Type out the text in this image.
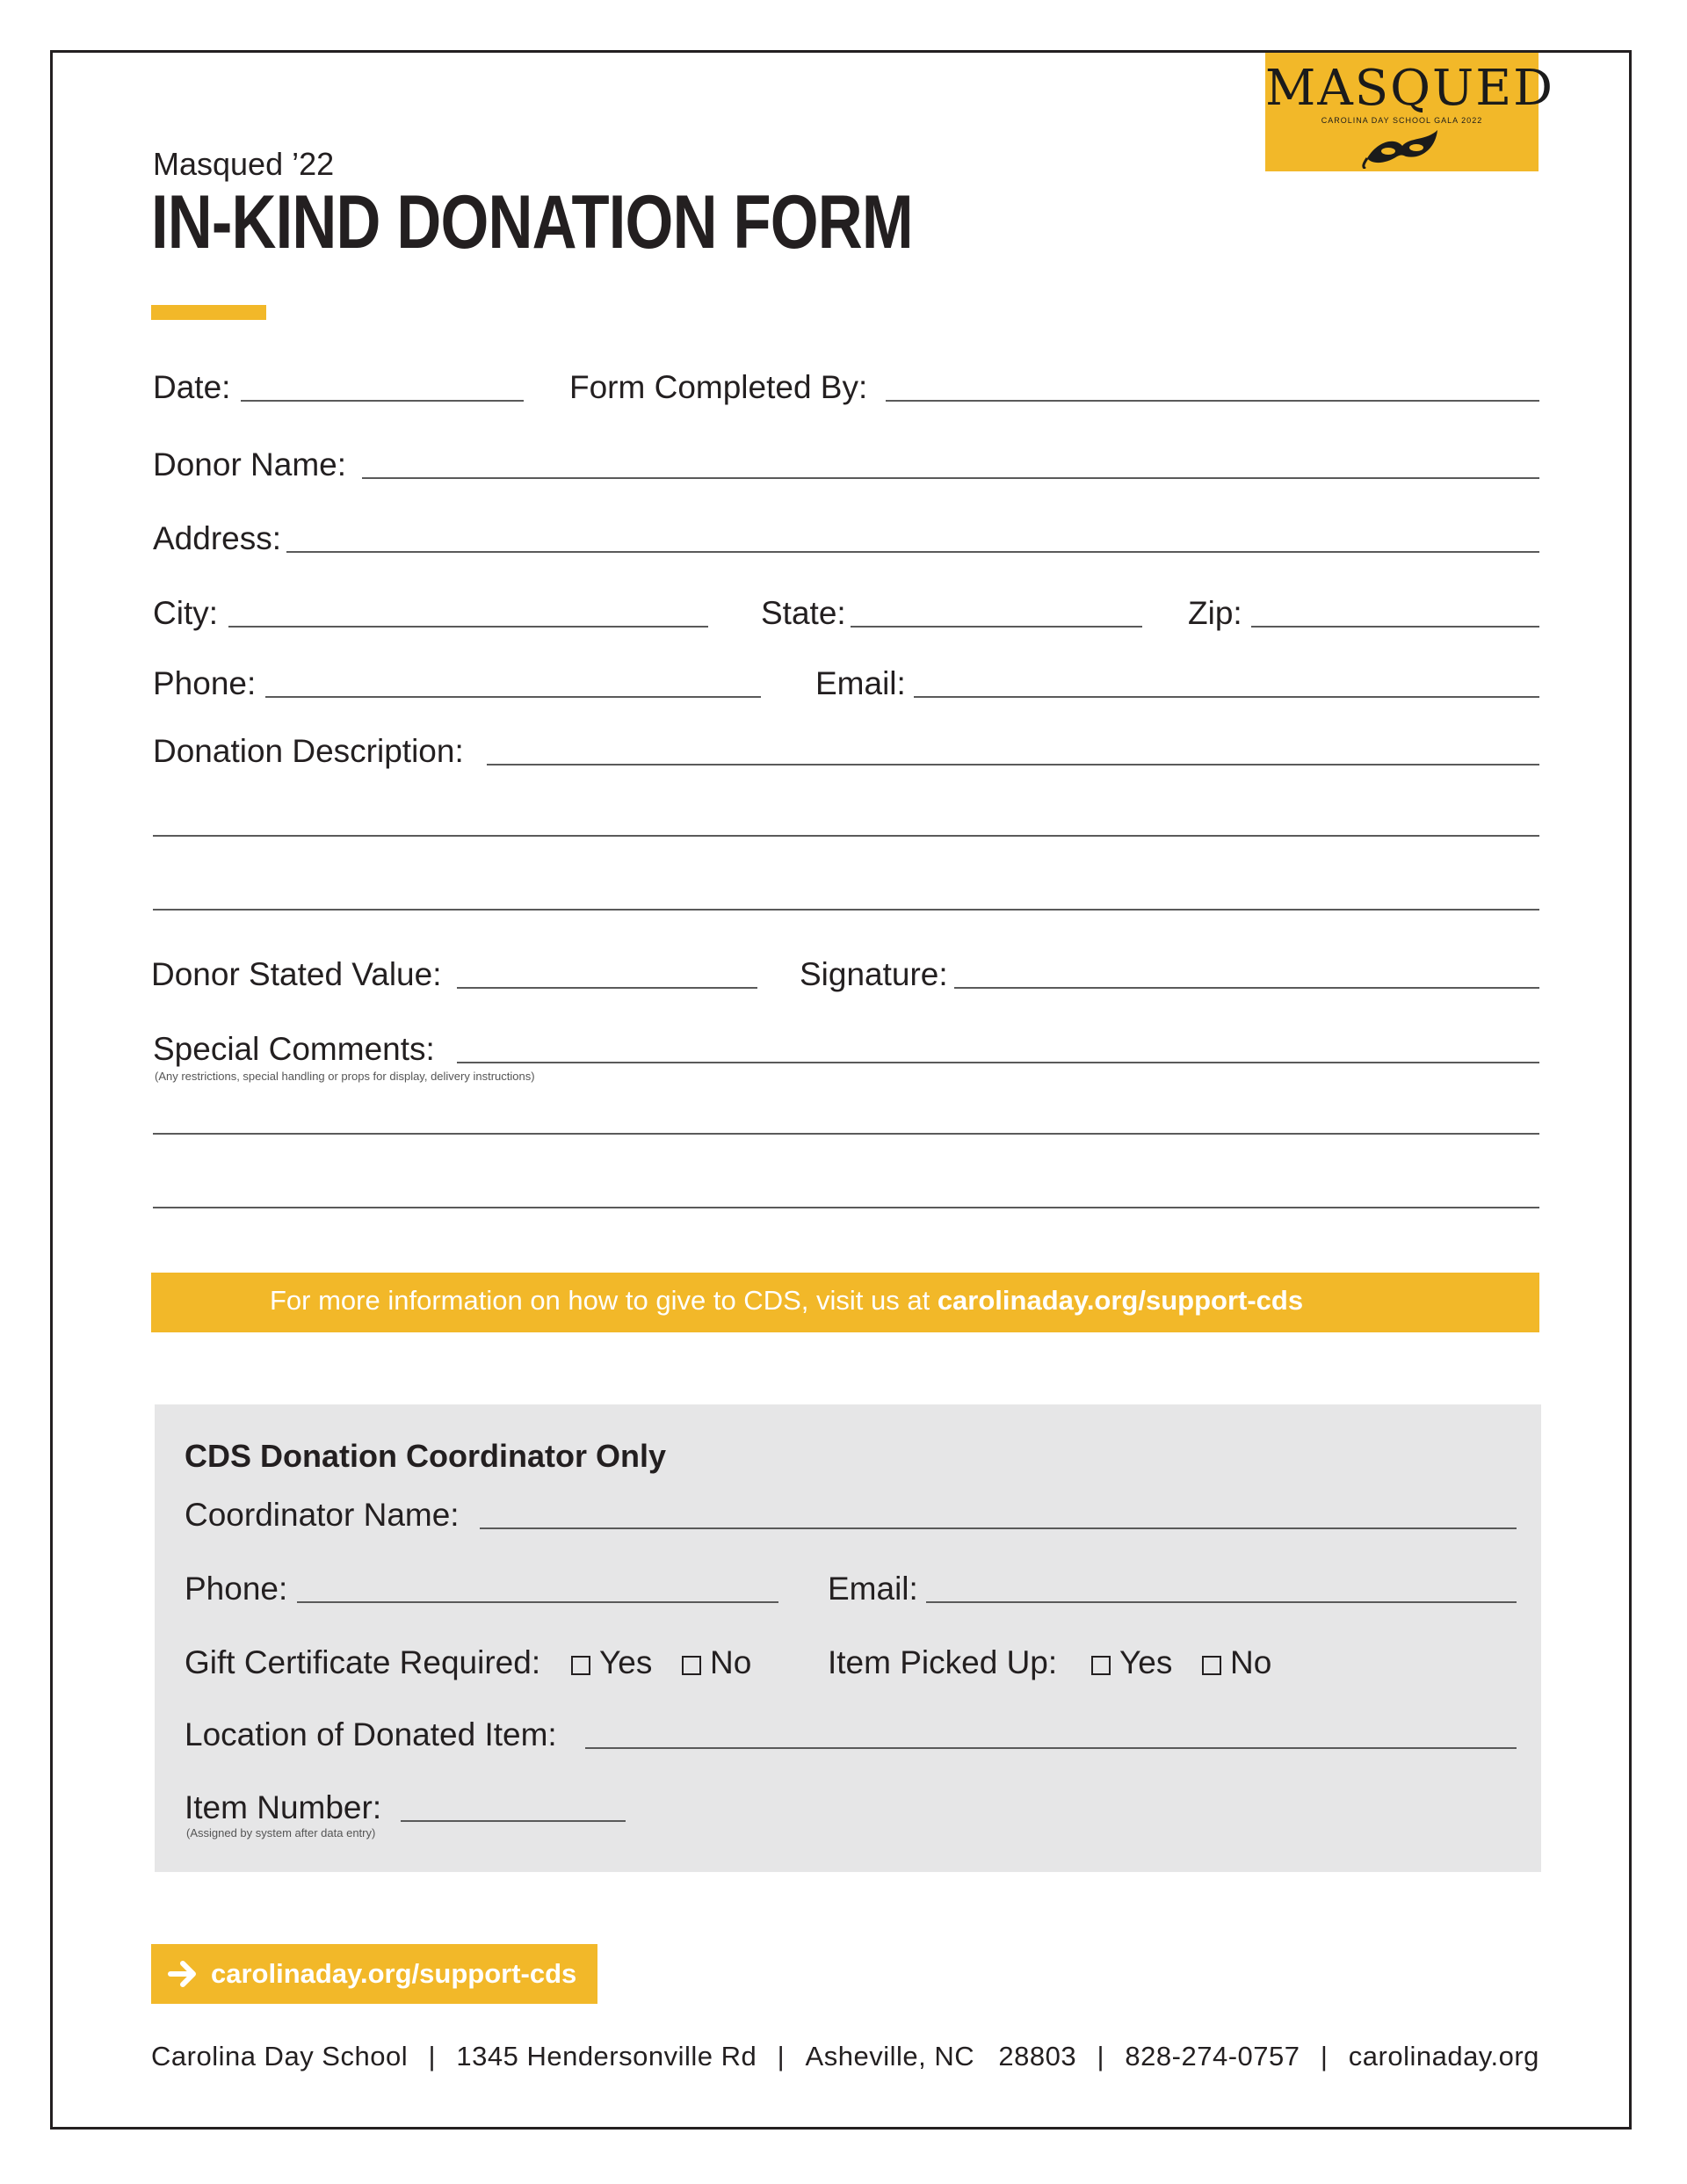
MASQUED
CAROLINA DAY SCHOOL GALA 2022
Masqued ’22
IN-KIND DONATION FORM
Date:	Form Completed By:
Donor Name:
Address:
City:	State:	Zip:
Phone:	Email:
Donation Description:
Donor Stated Value:	Signature:
Special Comments:
(Any restrictions, special handling or props for display, delivery instructions)
For more information on how to give to CDS, visit us at carolinaday.org/support-cds
CDS Donation Coordinator Only
Coordinator Name:
Phone:	Email:
Gift Certificate Required:	Yes	No Item Picked Up:	Yes	No
Location of Donated Item:
Item Number:
(Assigned by system after data entry)
carolinaday.org/support-cds
Carolina Day School | 1345 Hendersonville Rd | Asheville, NC   28803 | 828-274-0757 | carolinaday.org
